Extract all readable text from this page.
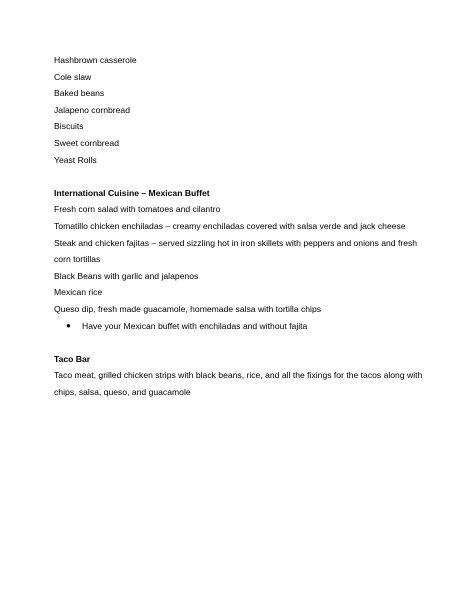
Hashbrown casserole
Cole slaw
Baked beans
Jalapeno cornbread
Biscuits
Sweet cornbread
Yeast Rolls
International Cuisine – Mexican Buffet
Fresh corn salad with tomatoes and cilantro
Tomatillo chicken enchiladas – creamy enchiladas covered with salsa verde and jack cheese
Steak and chicken fajitas – served sizzling hot in iron skillets with peppers and onions and fresh corn tortillas
Black Beans with garlic and jalapenos
Mexican rice
Queso dip, fresh made guacamole, homemade salsa with tortilla chips
● Have your Mexican buffet with enchiladas and without fajita
Taco Bar
Taco meat, grilled chicken strips with black beans, rice, and all the fixings for the tacos along with chips, salsa, queso, and guacamole
